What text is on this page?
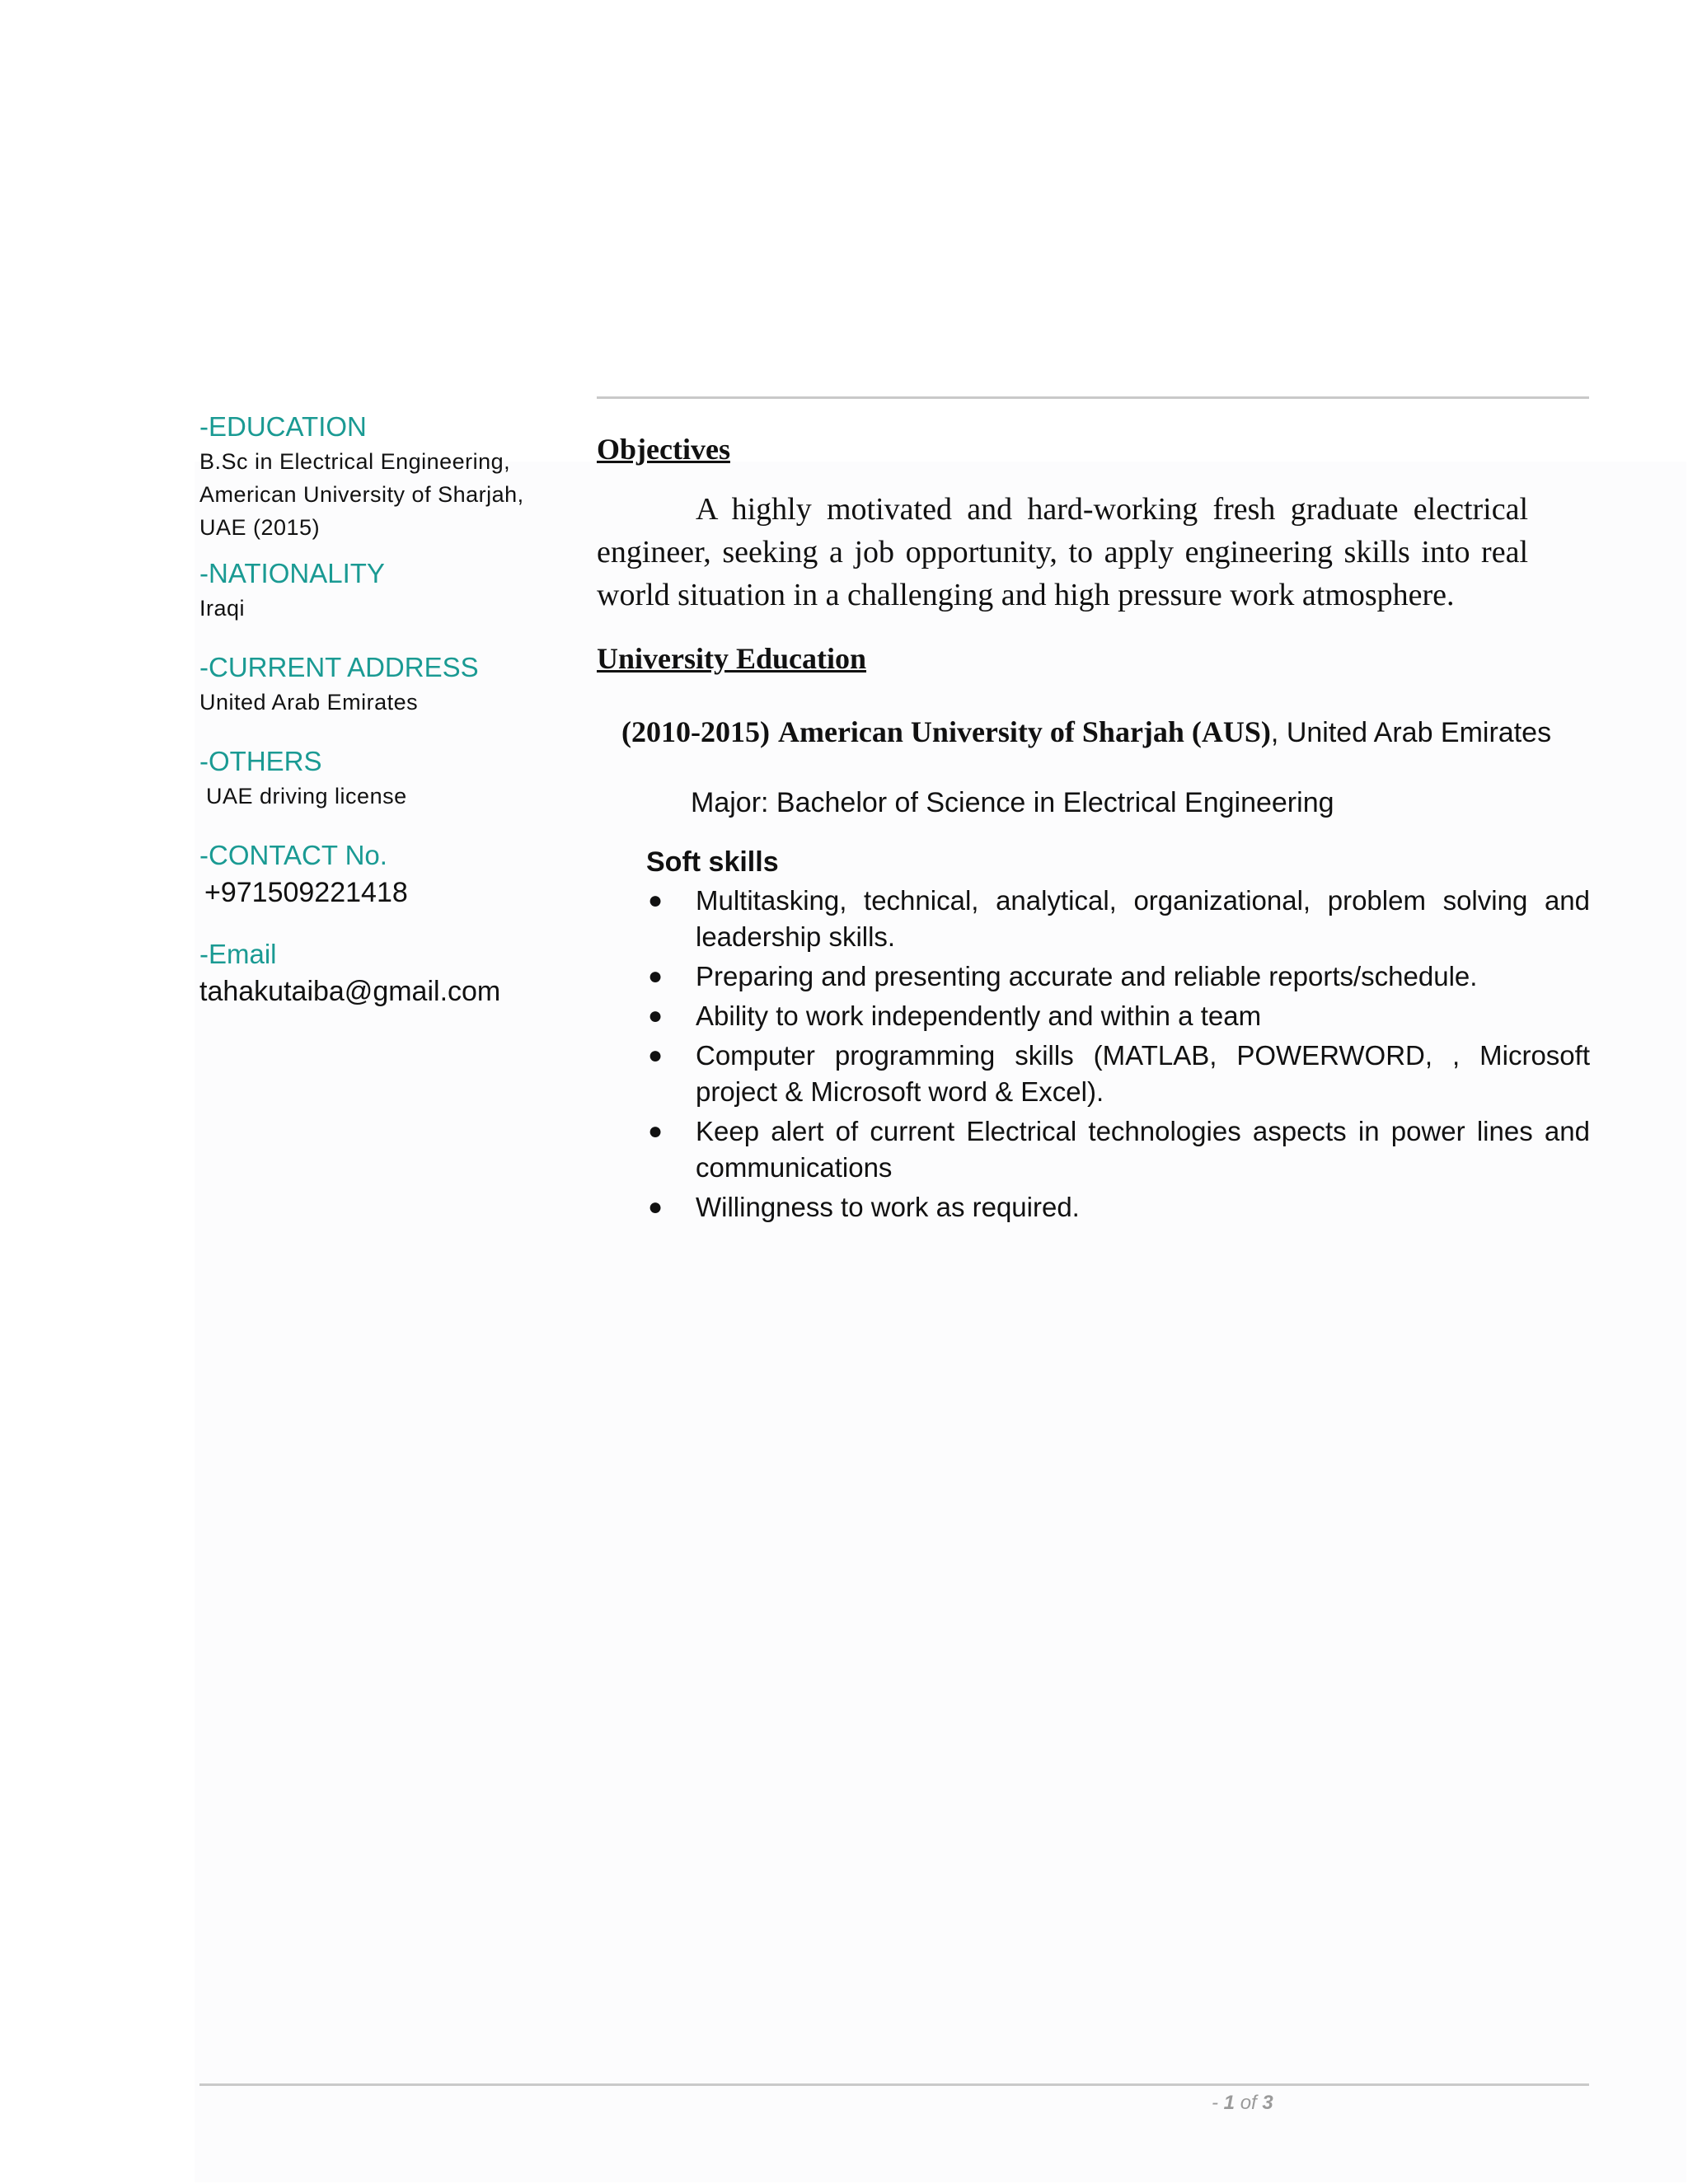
-EDUCATION
B.Sc in Electrical Engineering,
American University of Sharjah,
UAE (2015)
-NATIONALITY
Iraqi
-CURRENT ADDRESS
United Arab Emirates
-OTHERS
UAE driving license
-CONTACT No.
+971509221418
-Email
tahakutaiba@gmail.com
Objectives
A highly motivated and hard-working fresh graduate electrical engineer, seeking a job opportunity, to apply engineering skills into real world situation in a challenging and high pressure work atmosphere.
University Education
(2010-2015) American University of Sharjah (AUS), United Arab Emirates
Major: Bachelor of Science in Electrical Engineering
Soft skills
● Multitasking, technical, analytical, organizational, problem solving and leadership skills.
● Preparing and presenting accurate and reliable reports/schedule.
● Ability to work independently and within a team
● Computer programming skills (MATLAB, POWERWORD, , Microsoft project & Microsoft word & Excel).
● Keep alert of current Electrical technologies aspects in power lines and communications
● Willingness to work as required.
- 1 of 3
